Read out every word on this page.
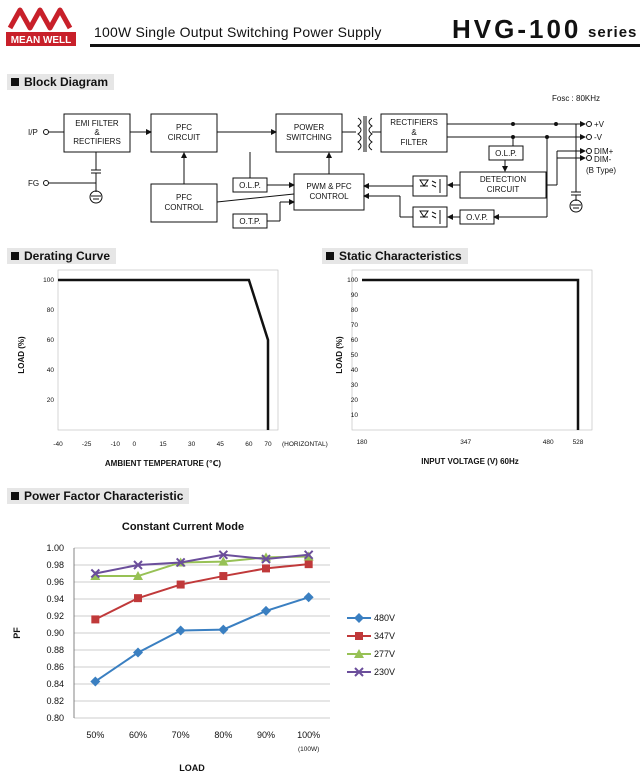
MEAN WELL
100W Single Output Switching Power Supply	HVG-100 series
Block Diagram
Fosc : 80KHz
I/P
FG
EMI FILTER
&
RECTIFIERS
PFC
CIRCUIT
POWER
SWITCHING
RECTIFIERS
&
FILTER
PFC
CONTROL
O.L.P.	PWM & PFC
CONTROL
O.T.P.
O.L.P.
DETECTION
CIRCUIT
O.V.P.
+V
-V
DIM+
DIM-
(B Type)
Derating Curve
-40	-25	-10 0	15	30	45	60 70 (HORIZONTAL)
20
40
60
80
100
AMBIENT TEMPERATURE (℃)
LOAD (%)
Static Characteristics
180	347	480	528
10
20
30
40
50
60
70
80
90
100
INPUT VOLTAGE (V) 60Hz
LOAD (%)
Power Factor Characteristic
Constant Current Mode
0.80
0.82
0.84
0.86
0.88
0.90
0.92
0.94
0.96
0.98
1.00
50%	60%	70%	80%	90% 100%
(100W)
LOAD
PF
480V
347V
277V
230V
